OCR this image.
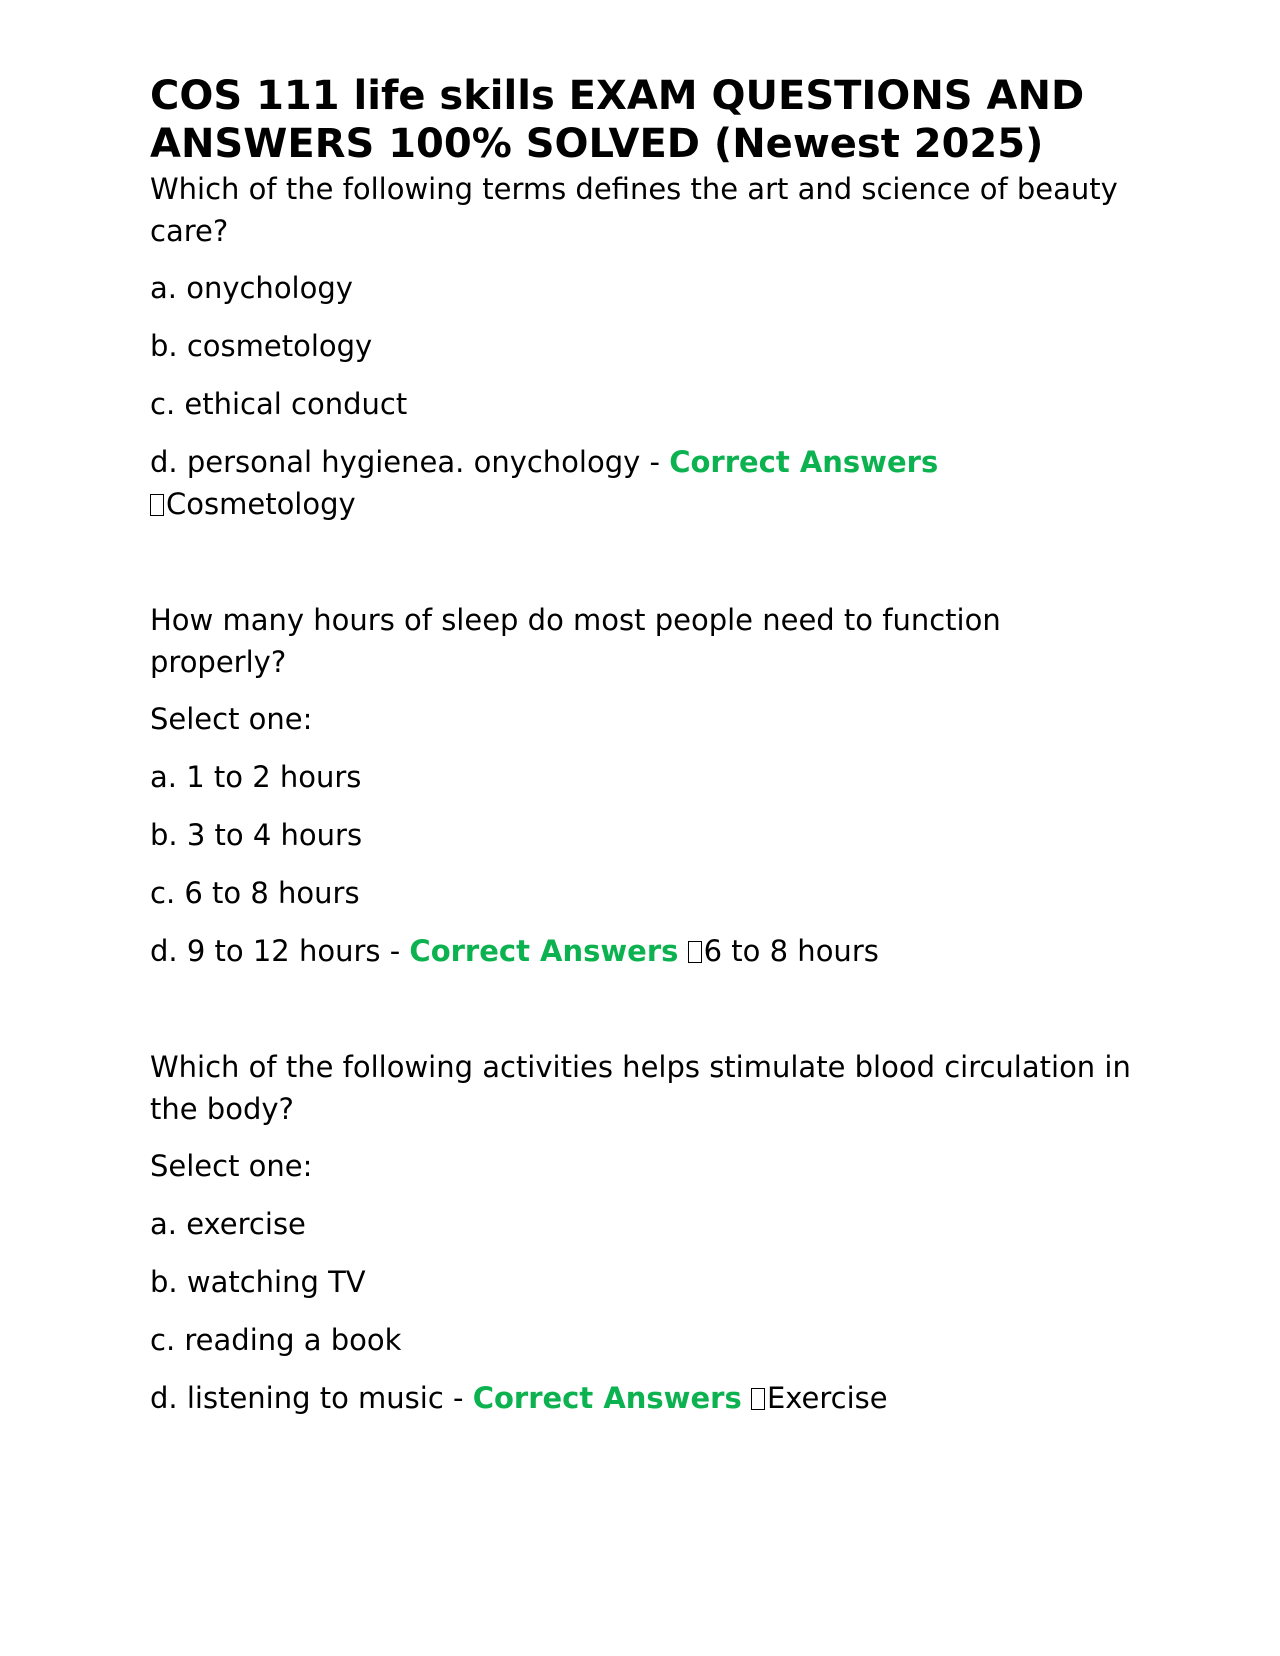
COS 111 life skills EXAM QUESTIONS AND ANSWERS 100% SOLVED (Newest 2025)

Which of the following terms defines the art and science of beauty care?

a. onychology

b. cosmetology

c. ethical conduct

d. personal hygienea. onychology - Correct Answers
Cosmetology

How many hours of sleep do most people need to function properly?

Select one:

a. 1 to 2 hours

b. 3 to 4 hours

c. 6 to 8 hours

d. 9 to 12 hours - Correct Answers 6 to 8 hours

Which of the following activities helps stimulate blood circulation in the body?

Select one:

a. exercise

b. watching TV

c. reading a book

d. listening to music - Correct Answers Exercise
